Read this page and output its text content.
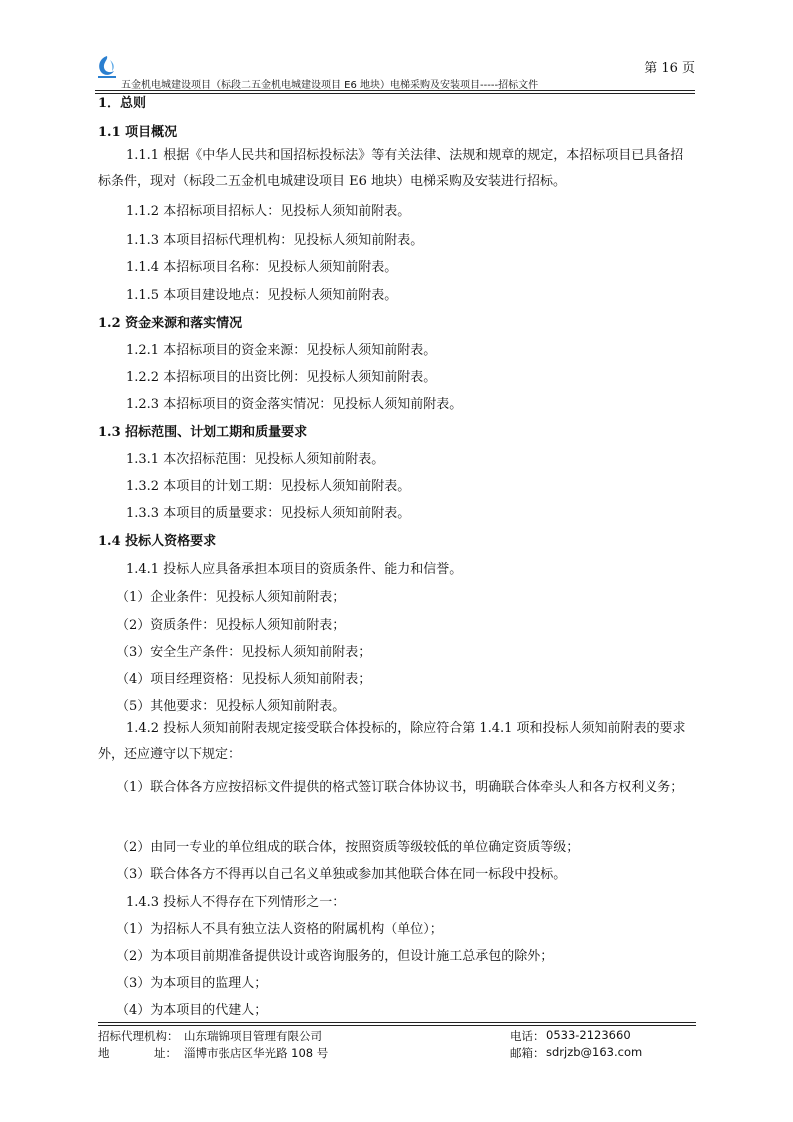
第 16 页
五金机电城建设项目（标段二五金机电城建设项目 E6 地块）电梯采购及安装项目-----招标文件
1．总则
1.1 项目概况
1.1.1 根据《中华人民共和国招标投标法》等有关法律、法规和规章的规定，本招标项目已具备招标条件，现对（标段二五金机电城建设项目 E6 地块）电梯采购及安装进行招标。
1.1.2 本招标项目招标人：见投标人须知前附表。
1.1.3 本项目招标代理机构：见投标人须知前附表。
1.1.4 本招标项目名称：见投标人须知前附表。
1.1.5 本项目建设地点：见投标人须知前附表。
1.2 资金来源和落实情况
1.2.1 本招标项目的资金来源：见投标人须知前附表。
1.2.2 本招标项目的出资比例：见投标人须知前附表。
1.2.3 本招标项目的资金落实情况：见投标人须知前附表。
1.3 招标范围、计划工期和质量要求
1.3.1 本次招标范围：见投标人须知前附表。
1.3.2 本项目的计划工期：见投标人须知前附表。
1.3.3 本项目的质量要求：见投标人须知前附表。
1.4 投标人资格要求
1.4.1 投标人应具备承担本项目的资质条件、能力和信誉。
（1）企业条件：见投标人须知前附表；
（2）资质条件：见投标人须知前附表；
（3）安全生产条件：见投标人须知前附表；
（4）项目经理资格：见投标人须知前附表；
（5）其他要求：见投标人须知前附表。
1.4.2 投标人须知前附表规定接受联合体投标的，除应符合第 1.4.1 项和投标人须知前附表的要求外，还应遵守以下规定：
（1）联合体各方应按招标文件提供的格式签订联合体协议书，明确联合体牵头人和各方权利义务；
（2）由同一专业的单位组成的联合体，按照资质等级较低的单位确定资质等级；
（3）联合体各方不得再以自己名义单独或参加其他联合体在同一标段中投标。
1.4.3 投标人不得存在下列情形之一：
（1）为招标人不具有独立法人资格的附属机构（单位）；
（2）为本项目前期准备提供设计或咨询服务的，但设计施工总承包的除外；
（3）为本项目的监理人；
（4）为本项目的代建人；
招标代理机构： 山东瑞锦项目管理有限公司	电话： 0533-2123660
地	址： 淄博市张店区华光路 108 号	邮箱： sdrjzb@163.com
